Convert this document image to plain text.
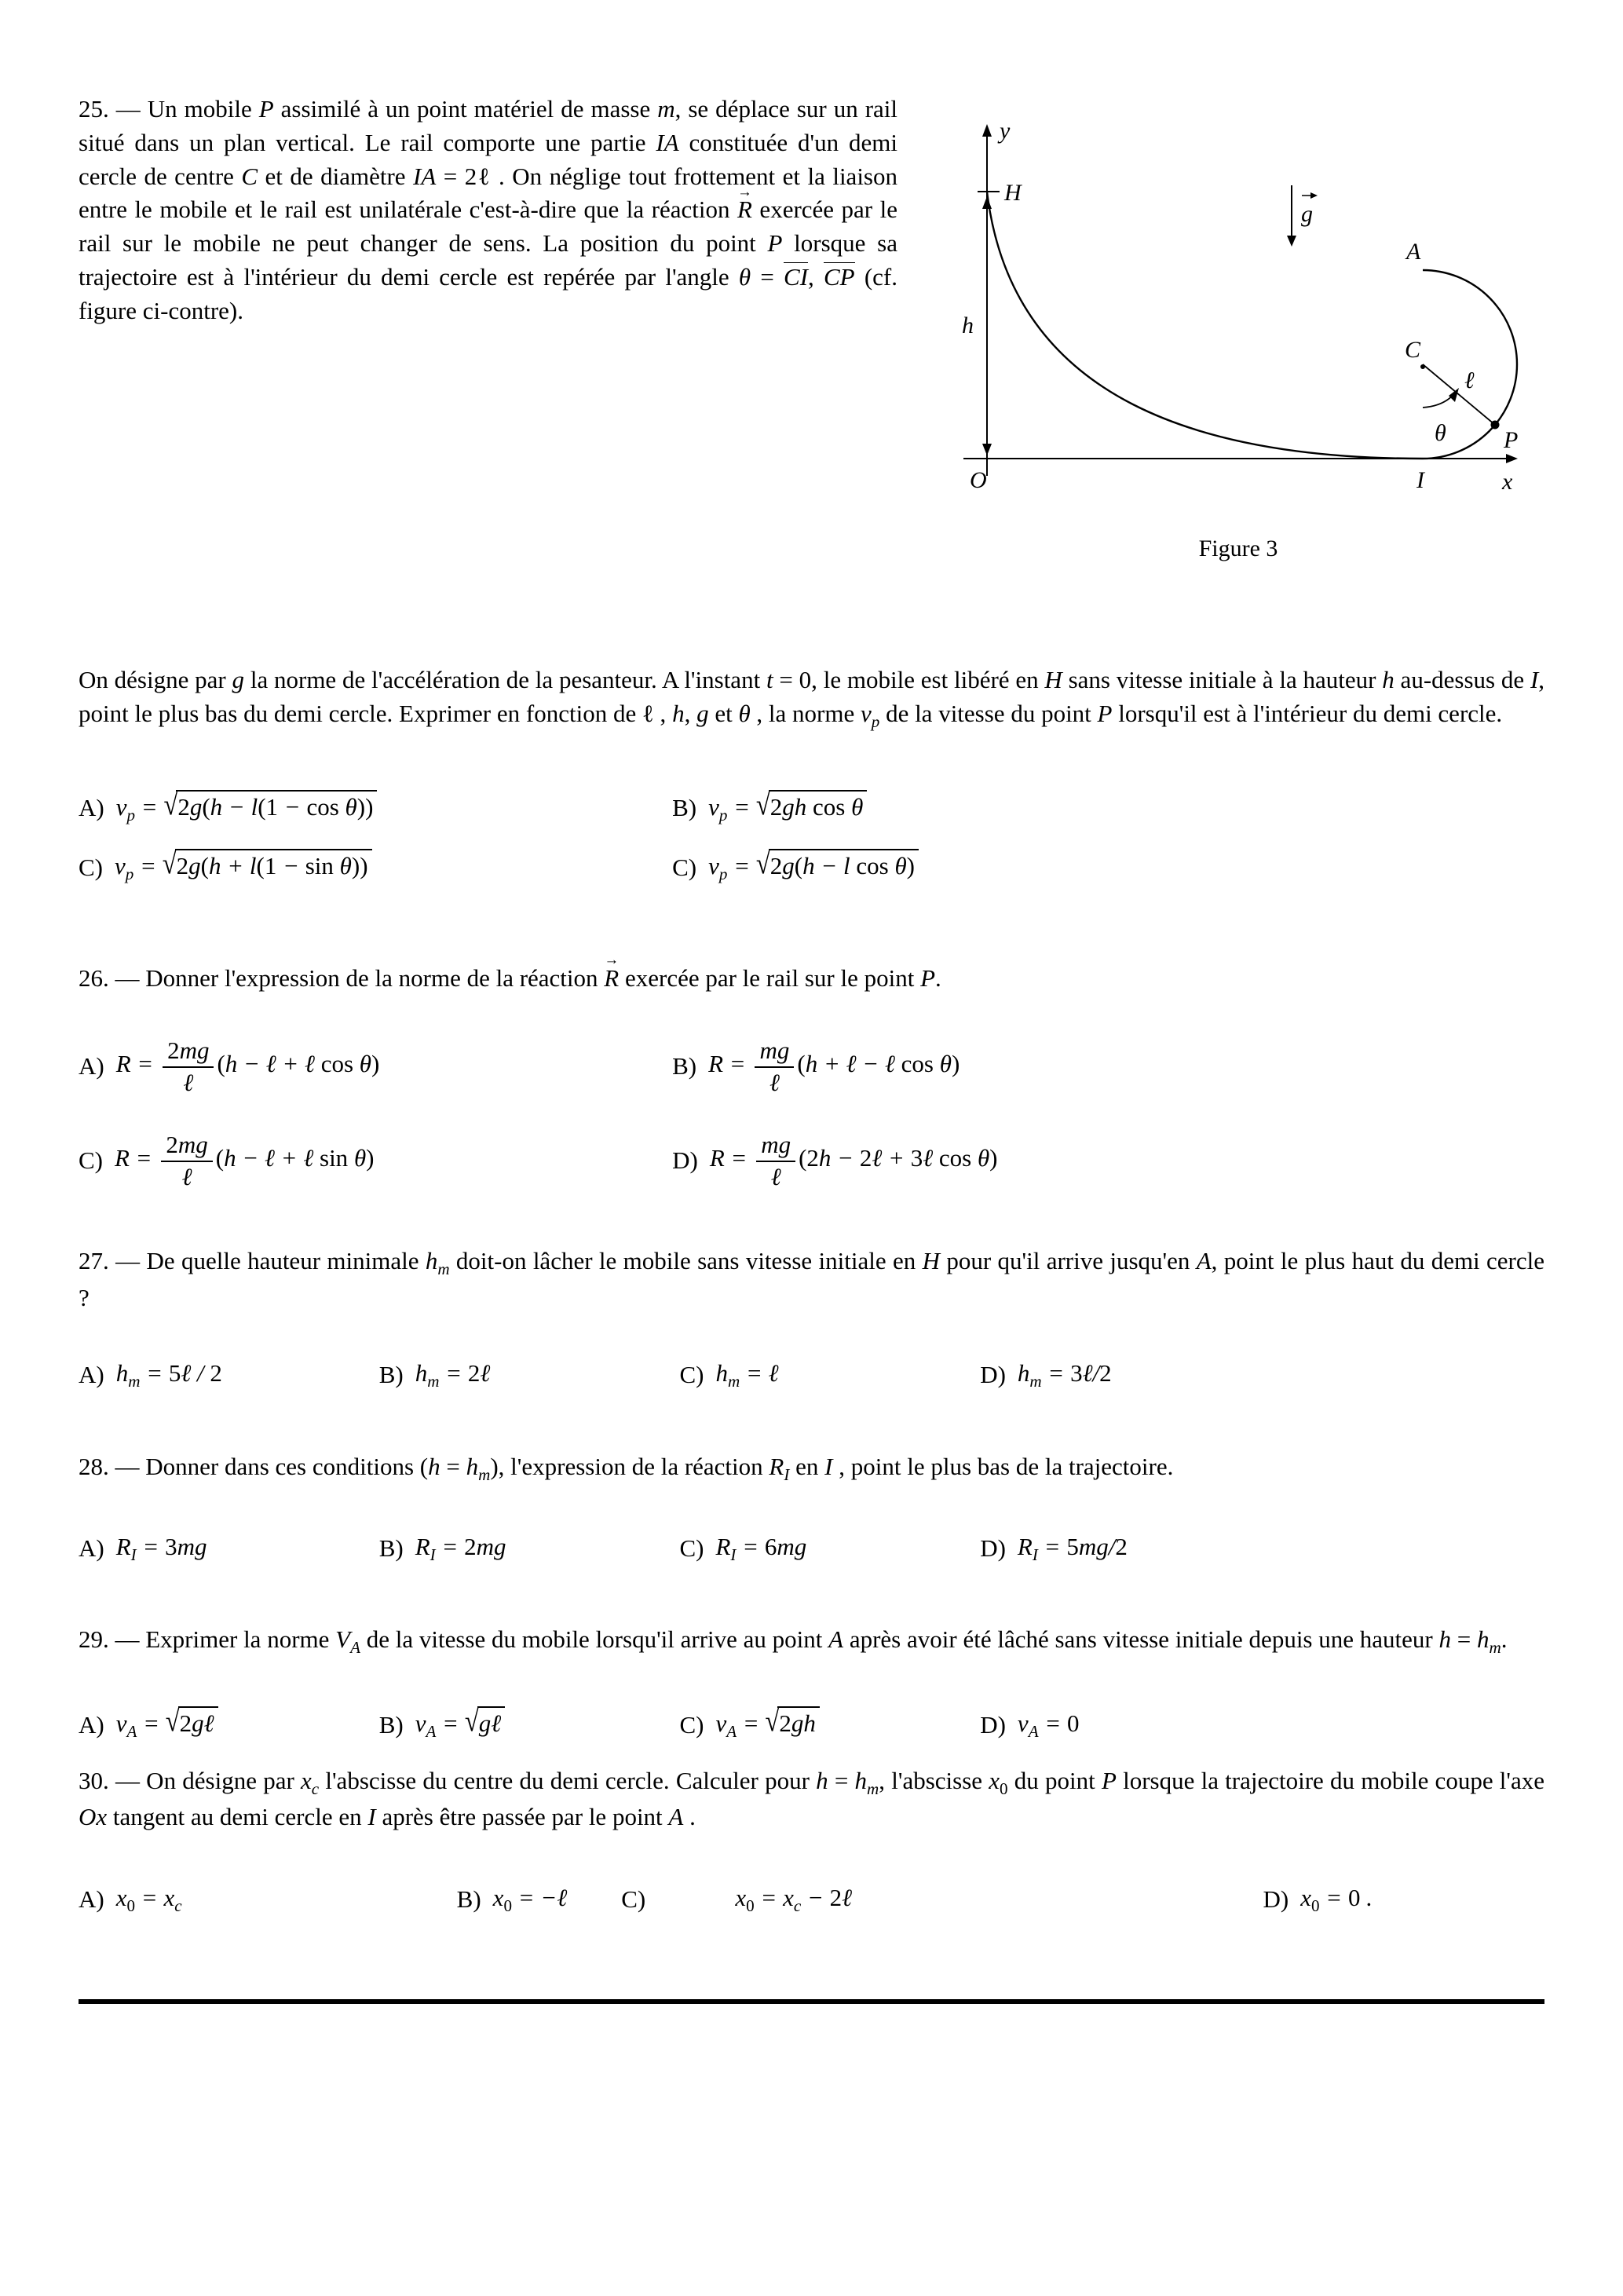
25. — Un mobile P assimilé à un point matériel de masse m, se déplace sur un rail situé dans un plan vertical. Le rail comporte une partie IA constituée d'un demi cercle de centre C et de diamètre IA = 2ℓ . On néglige tout frottement et la liaison entre le mobile et le rail est unilatérale c'est-à-dire que la réaction R → exercée par le rail sur le mobile ne peut changer de sens. La position du point P lorsque sa trajectoire est à l'intérieur du demi cercle est repérée par l'angle θ = CI, CP (cf. figure ci-contre).
y
H
g
A
C
h
ℓ
θ P
O	I	x
Figure 3
On désigne par g la norme de l'accélération de la pesanteur. A l'instant t = 0, le mobile est libéré en H sans vitesse initiale à la hauteur h au-dessus de I, point le plus bas du demi cercle. Exprimer en fonction de ℓ , h, g et θ , la norme $v_p$ de la vitesse du point P lorsqu'il est à l'intérieur du demi cercle.
A) $v_p = √2g(h - l(1 - \cos \theta))$	B) $v_p = √2gh$ cos θ
C) $v_p = √2g(h + l(1 - \sin \theta))$	C) $v_p = √2g(h - l$ cos θ)
26. — Donner l'expression de la norme de la réaction R → exercée par le rail sur le point P.
A) $R = \frac{2mg}{\text{ℓ}} (h$ − ℓ + ℓ cos θ)	B) $R = \frac{mg}{\text{ℓ}} (h$ + ℓ − ℓ cos θ)
C) $R = \frac{2mg}{\text{ℓ}} (h$ − ℓ + ℓ sin θ)	D) $R = \frac{mg}{\text{ℓ}} (2h$ − 2ℓ + 3ℓ cos θ)
27. — De quelle hauteur minimale $h_m$ doit-on lâcher le mobile sans vitesse initiale en H pour qu'il arrive jusqu'en A, point le plus haut du demi cercle ?
A) $h_m$ = 5ℓ / 2	B) $h_m$ = 2ℓ	C) $h_m$ = ℓ	D) $h_m$ = 3ℓ/2
28. — Donner dans ces conditions $(h = h_m)$, l'expression de la réaction $R_I$ en I , point le plus bas de la trajectoire.
A) $R_I = 3mg$	B) $R_I = 2mg$	C) $R_I = 6mg$	D) $R_I = 5mg/2$
29. — Exprimer la norme $V_A$ de la vitesse du mobile lorsqu'il arrive au point A après avoir été lâché sans vitesse initiale depuis une hauteur $h = h_m$.
A) $v_A$ = √2gℓ	B) $v_A$ = √gℓ	C) $v_A = √2gh$	D) $v_A = 0$
30. — On désigne par $x_c$ l'abscisse du centre du demi cercle. Calculer pour $h = h_m$, l'abscisse $x_0$ du point P lorsque la trajectoire du mobile coupe l'axe Ox tangent au demi cercle en I après être passée par le point A .
A) $x_0 = x_c$	B) $x_0$ = −ℓ C)	$x_0 = x_c$ − 2ℓ	D) $x_0 = 0$ .
